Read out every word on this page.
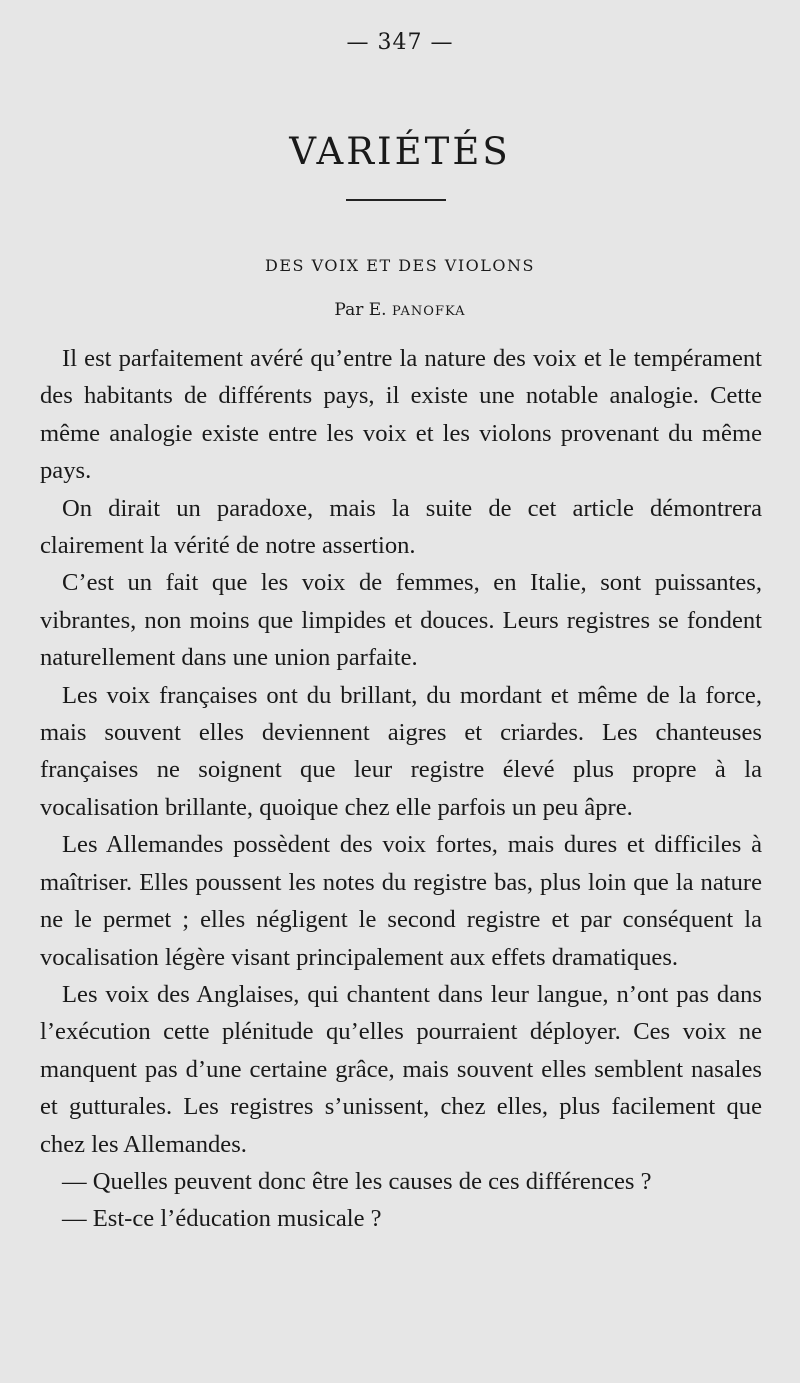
— 347 —
VARIÉTÉS
DES VOIX ET DES VIOLONS
Par E. PANOFKA

Il est parfaitement avéré qu’entre la nature des voix et le tempérament des habitants de différents pays, il existe une notable analogie. Cette même analogie existe entre les voix et les violons provenant du même pays.

On dirait un paradoxe, mais la suite de cet article démontrera clairement la vérité de notre assertion.

C’est un fait que les voix de femmes, en Italie, sont puissantes, vibrantes, non moins que limpides et douces. Leurs registres se fondent naturellement dans une union parfaite.

Les voix françaises ont du brillant, du mordant et même de la force, mais souvent elles deviennent aigres et criardes. Les chanteuses françaises ne soignent que leur registre élevé plus propre à la vocalisation brillante, quoique chez elle parfois un peu âpre.

Les Allemandes possèdent des voix fortes, mais dures et difficiles à maîtriser. Elles poussent les notes du registre bas, plus loin que la nature ne le permet ; elles négligent le second registre et par conséquent la vocalisation légère visant principalement aux effets dramatiques.

Les voix des Anglaises, qui chantent dans leur langue, n’ont pas dans l’exécution cette plénitude qu’elles pourraient déployer. Ces voix ne manquent pas d’une certaine grâce, mais souvent elles semblent nasales et gutturales. Les registres s’unissent, chez elles, plus facilement que chez les Allemandes.

— Quelles peuvent donc être les causes de ces différences ?

— Est-ce l’éducation musicale ?
